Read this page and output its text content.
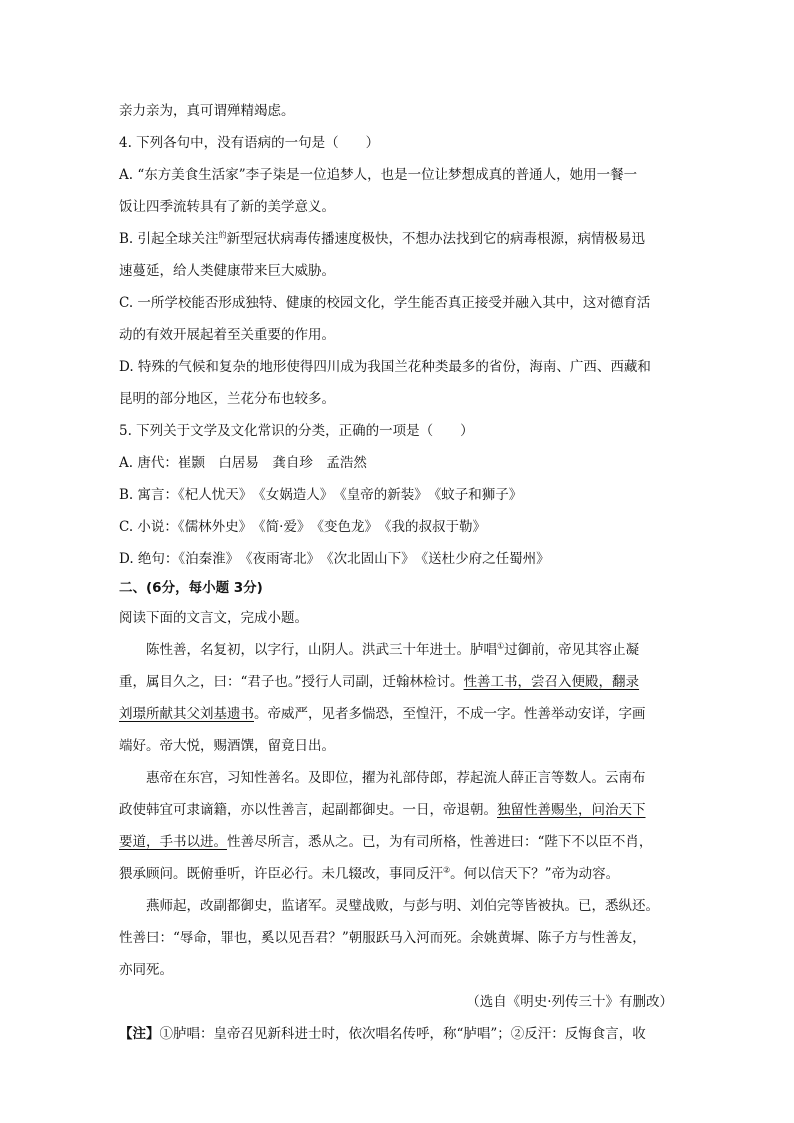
亲力亲为，真可谓殚精竭虑。
4. 下列各句中，没有语病的一句是（　　）
A. “东方美食生活家”李子柒是一位追梦人，也是一位让梦想成真的普通人，她用一餐一
饭让四季流转具有了新的美学意义。
B. 引起全球关注$^的$新型冠状病毒传播速度极快，不想办法找到它的病毒根源，病情极易迅
速蔓延，给人类健康带来巨大威胁。
C. 一所学校能否形成独特、健康的校园文化，学生能否真正接受并融入其中，这对德育活
动的有效开展起着至关重要的作用。
D. 特殊的气候和复杂的地形使得四川成为我国兰花种类最多的省份，海南、广西、西藏和
昆明的部分地区，兰花分布也较多。
5. 下列关于文学及文化常识的分类，正确的一项是（　　）
A. 唐代：崔颢　白居易　龚自珍　孟浩然
B. 寓言：《杞人忧天》　《女娲造人》　《皇帝的新装》　《蚊子和狮子》
C. 小说：《儒林外史》　《简·爱》　《变色龙》　《我的叔叔于勒》
D. 绝句：《泊秦淮》　《夜雨寄北》　《次北固山下》　《送杜少府之任蜀州》
二、(6分，每小题 3分)
阅读下面的文言文，完成小题。
陈性善，名复初，以字行，山阴人。洪武三十年进士。胪唱①过御前，帝见其容止凝
重，属目久之，曰：“君子也。”授行人司副，迁翰林检讨。性善工书，尝召入便殿，翻录
刘璟所献其父刘基遗书。帝威严，见者多惴恐，至惶汗，不成一字。性善举动安详，字画
端好。帝大悦，赐酒馔，留竟日出。
惠帝在东宫，习知性善名。及即位，擢为礼部侍郎，荐起流人薛正言等数人。云南布
政使韩宜可隶谪籍，亦以性善言，起副都御史。一日，帝退朝。独留性善赐坐，问治天下
要道，手书以进。性善尽所言，悉从之。已，为有司所格，性善进曰：“陛下不以臣不肖，
猥承顾问。既俯垂听，许臣必行。未几辍改，事同反汗②。何以信天下？”帝为动容。
燕师起，改副都御史，监诸军。灵璧战败，与彭与明、刘伯完等皆被执。已，悉纵还。
性善曰：“辱命，罪也，奚以见吾君？”朝服跃马入河而死。余姚黄墀、陈子方与性善友，
亦同死。
（选自《明史·列传三十》有删改）
【注】①胪唱：皇帝召见新科进士时，依次唱名传呼，称“胪唱”；②反汗：反悔食言，收
